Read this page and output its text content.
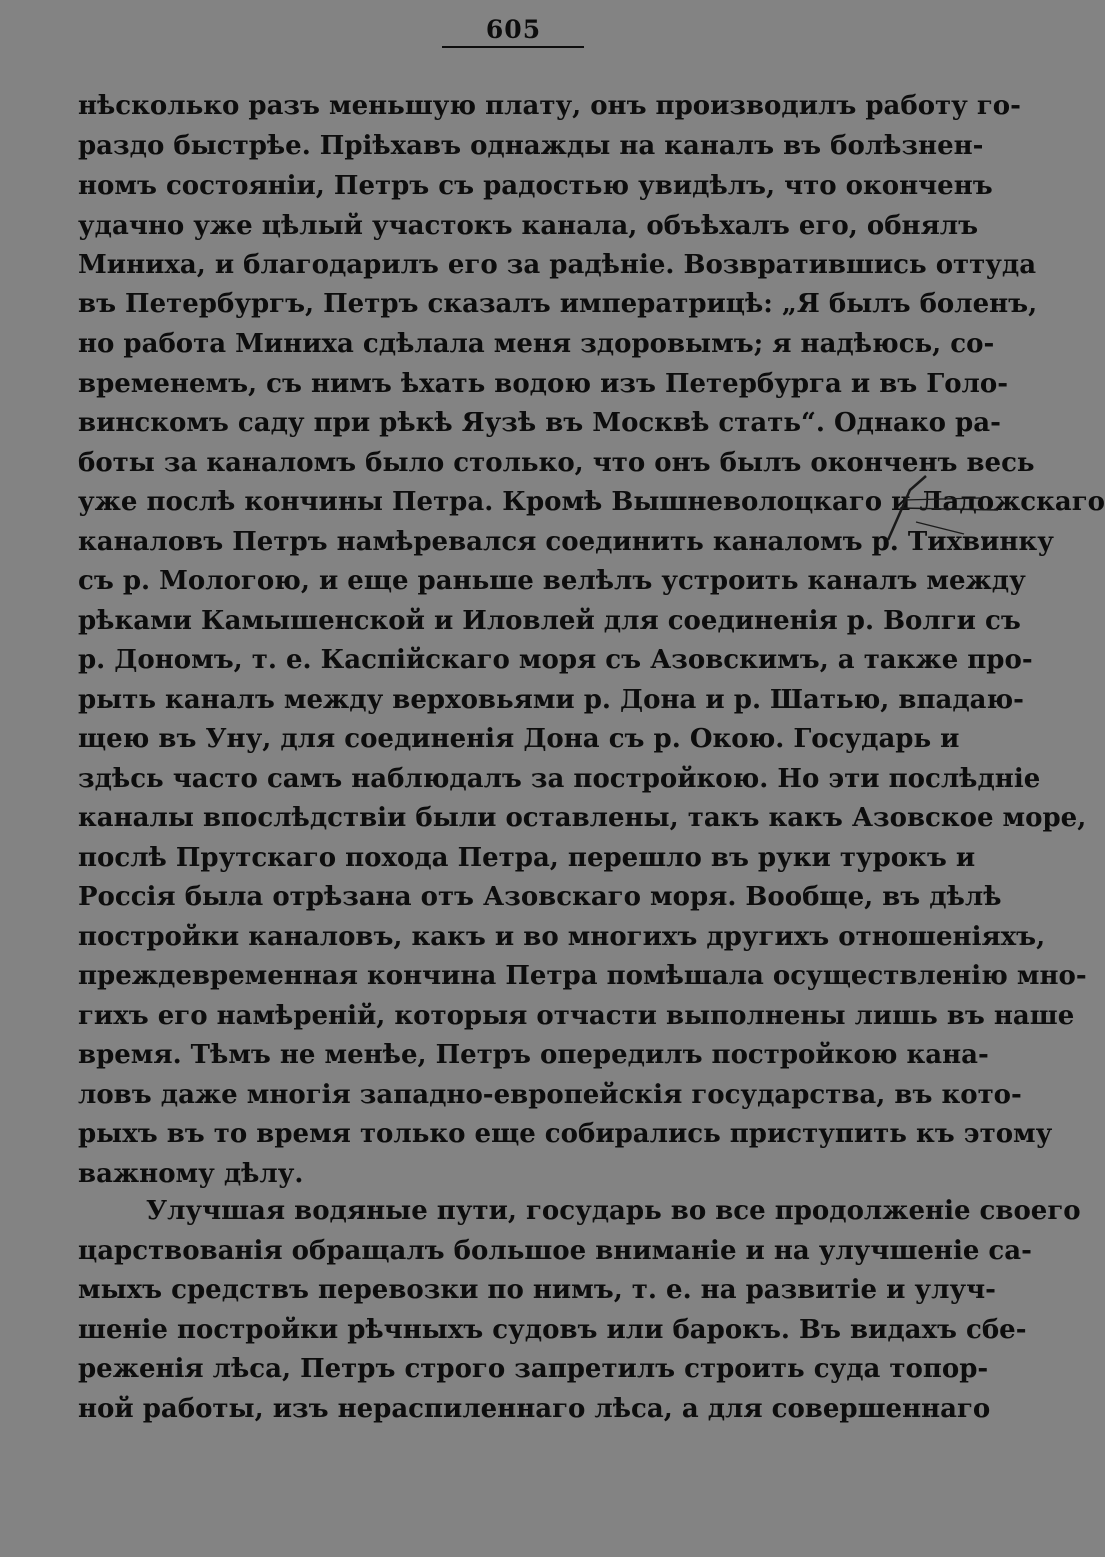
605
нѣсколько разъ меньшую плату, онъ производилъ работу го-
раздо быстрѣе. Пріѣхавъ однажды на каналъ въ болѣзнен-
номъ состояніи, Петръ съ радостью увидѣлъ, что оконченъ
удачно уже цѣлый участокъ канала, объѣхалъ его, обнялъ
Миниха, и благодарилъ его за радѣніе. Возвратившись оттуда
въ Петербургъ, Петръ сказалъ императрицѣ: „Я былъ боленъ,
но работа Миниха сдѣлала меня здоровымъ; я надѣюсь, со-
временемъ, съ нимъ ѣхать водою изъ Петербурга и въ Голо-
винскомъ саду при рѣкѣ Яузѣ въ Москвѣ стать“. Однако ра-
боты за каналомъ было столько, что онъ былъ оконченъ весь
уже послѣ кончины Петра. Кромѣ Вышневолоцкаго и Ладожскаго
каналовъ Петръ намѣревался соединить каналомъ р. Тихвинку
съ р. Мологою, и еще раньше велѣлъ устроить каналъ между
рѣками Камышенской и Иловлей для соединенія р. Волги съ
р. Дономъ, т. е. Каспійскаго моря съ Азовскимъ, а также про-
рыть каналъ между верховьями р. Дона и р. Шатью, впадаю-
щею въ Уну, для соединенія Дона съ р. Окою. Государь и
здѣсь часто самъ наблюдалъ за постройкою. Но эти послѣдніе
каналы впослѣдствіи были оставлены, такъ какъ Азовское море,
послѣ Прутскаго похода Петра, перешло въ руки турокъ и
Россія была отрѣзана отъ Азовскаго моря. Вообще, въ дѣлѣ
постройки каналовъ, какъ и во многихъ другихъ отношеніяхъ,
преждевременная кончина Петра помѣшала осуществленію мно-
гихъ его намѣреній, которыя отчасти выполнены лишь въ наше
время. Тѣмъ не менѣе, Петръ опередилъ постройкою кана-
ловъ даже многія западно-европейскія государства, въ кото-
рыхъ въ то время только еще собирались приступить къ этому
важному дѣлу.
Улучшая водяные пути, государь во все продолженіе своего
царствованія обращалъ большое вниманіе и на улучшеніе са-
мыхъ средствъ перевозки по нимъ, т. е. на развитіе и улуч-
шеніе постройки рѣчныхъ судовъ или барокъ. Въ видахъ сбе-
реженія лѣса, Петръ строго запретилъ строить суда топор-
ной работы, изъ нераспиленнаго лѣса, а для совершеннаго
